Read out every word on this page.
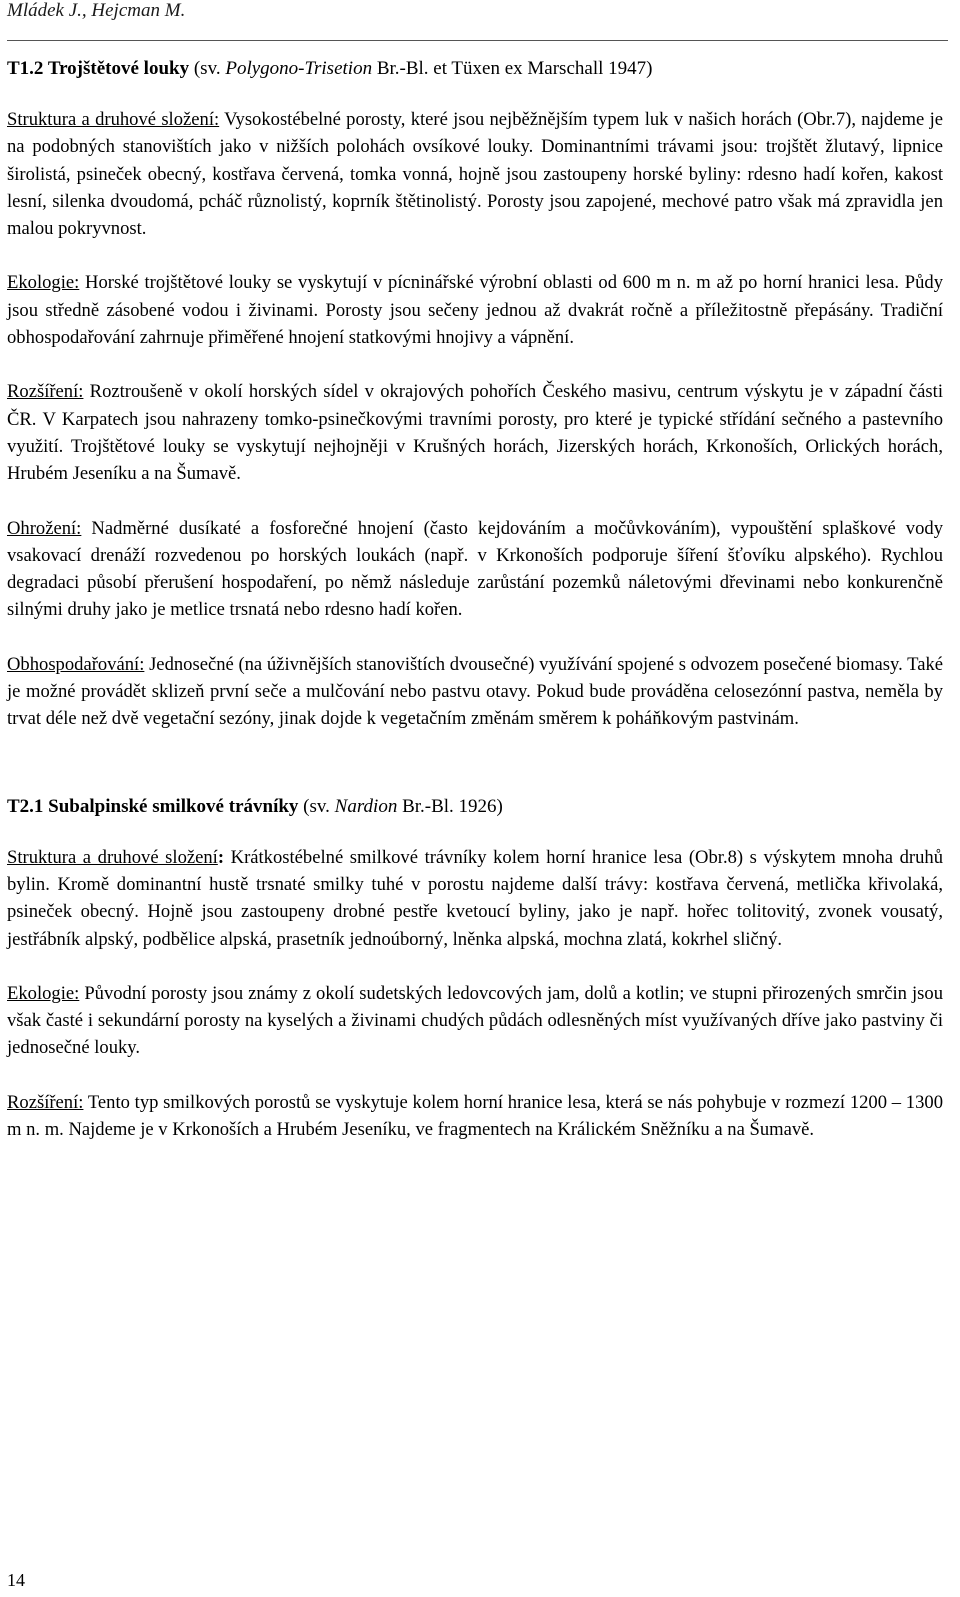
Mládek J., Hejcman M.
T1.2 Trojštětové louky (sv. Polygono-Trisetion Br.-Bl. et Tüxen ex Marschall 1947)

Struktura a druhové složení: Vysokostébelné porosty, které jsou nejběžnějším typem luk v našich horách (Obr.7), najdeme je na podobných stanovištích jako v nižších polohách ovsíkové louky. Dominantními trávami jsou: trojštět žlutavý, lipnice širolistá, psineček obecný, kostřava červená, tomka vonná, hojně jsou zastoupeny horské byliny: rdesno hadí kořen, kakost lesní, silenka dvoudomá, pcháč různolistý, koprník štětinolistý. Porosty jsou zapojené, mechové patro však má zpravidla jen malou pokryvnost.

Ekologie: Horské trojštětové louky se vyskytují v pícninářské výrobní oblasti od 600 m n. m až po horní hranici lesa. Půdy jsou středně zásobené vodou i živinami. Porosty jsou sečeny jednou až dvakrát ročně a příležitostně přepásány. Tradiční obhospodařování zahrnuje přiměřené hnojení statkovými hnojivy a vápnění.

Rozšíření: Roztroušeně v okolí horských sídel v okrajových pohořích Českého masivu, centrum výskytu je v západní části ČR. V Karpatech jsou nahrazeny tomko-psinečkovými travními porosty, pro které je typické střídání sečného a pastevního využití. Trojštětové louky se vyskytují nejhojněji v Krušných horách, Jizerských horách, Krkonoších, Orlických horách, Hrubém Jeseníku a na Šumavě.

Ohrožení: Nadměrné dusíkaté a fosforečné hnojení (často kejdováním a močůvkováním), vypouštění splaškové vody vsakovací drenáží rozvedenou po horských loukách (např. v Krkonoších podporuje šíření šťovíku alpského). Rychlou degradaci působí přerušení hospodaření, po němž následuje zarůstání pozemků náletovými dřevinami nebo konkurenčně silnými druhy jako je metlice trsnatá nebo rdesno hadí kořen.

Obhospodařování: Jednosečné (na úživnějších stanovištích dvousečné) využívání spojené s odvozem posečené biomasy. Také je možné provádět sklizeň první seče a mulčování nebo pastvu otavy. Pokud bude prováděna celosezónní pastva, neměla by trvat déle než dvě vegetační sezóny, jinak dojde k vegetačním změnám směrem k poháňkovým pastvinám.

T2.1 Subalpinské smilkové trávníky (sv. Nardion Br.-Bl. 1926)

Struktura a druhové složení: Krátkostébelné smilkové trávníky kolem horní hranice lesa (Obr.8) s výskytem mnoha druhů bylin. Kromě dominantní hustě trsnaté smilky tuhé v porostu najdeme další trávy: kostřava červená, metlička křivolaká, psineček obecný. Hojně jsou zastoupeny drobné pestře kvetoucí byliny, jako je např. hořec tolitovitý, zvonek vousatý, jestřábník alpský, podbělice alpská, prasetník jednoúborný, lněnka alpská, mochna zlatá, kokrhel sličný.

Ekologie: Původní porosty jsou známy z okolí sudetských ledovcových jam, dolů a kotlin; ve stupni přirozených smrčin jsou však časté i sekundární porosty na kyselých a živinami chudých půdách odlesněných míst využívaných dříve jako pastviny či jednosečné louky.

Rozšíření: Tento typ smilkových porostů se vyskytuje kolem horní hranice lesa, která se nás pohybuje v rozmezí 1200 – 1300 m n. m. Najdeme je v Krkonoších a Hrubém Jeseníku, ve fragmentech na Králickém Sněžníku a na Šumavě.

14
